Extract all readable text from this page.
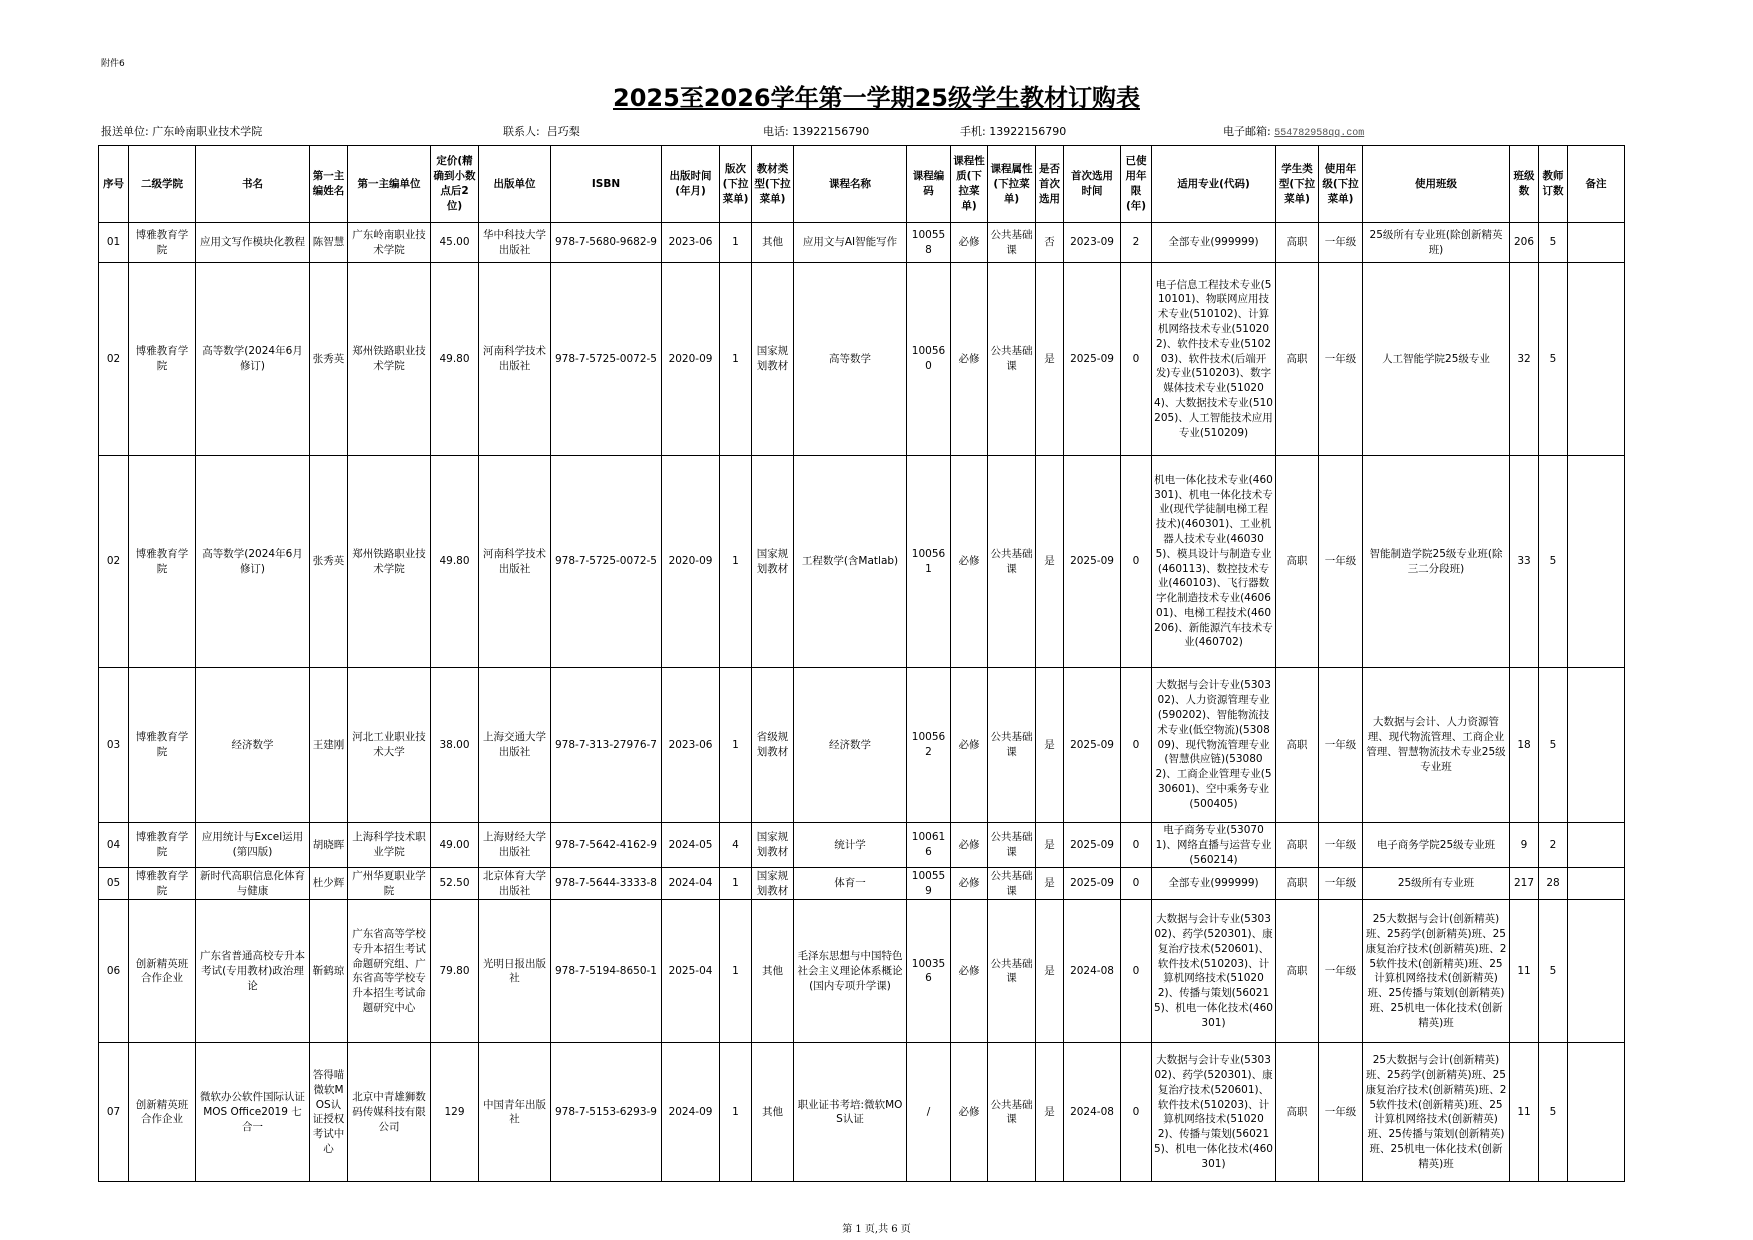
附件6
2025至2026学年第一学期25级学生教材订购表
报送单位: 广东岭南职业技术学院	联系人: 吕巧梨	电话: 13922156790	手机: 13922156790	电子邮箱: 554782958qq.com
序号	二级学院	书名	第一主编姓名	第一主编单位	定价(精确到小数点后2位)	出版单位	ISBN	出版时间(年月)	版次(下拉菜单)	教材类型(下拉菜单)	课程名称	课程编码	课程性质(下拉菜单)	课程属性(下拉菜单)	是否首次选用	首次选用时间	已使用年限(年)	适用专业(代码)	学生类型(下拉菜单)	使用年级(下拉菜单)	使用班级	班级数	教师订数	备注
01	博雅教育学院	应用文写作模块化教程	陈智慧	广东岭南职业技术学院	45.00	华中科技大学出版社	978-7-5680-9682-9	2023-06	1	其他	应用文与AI智能写作	100558	必修	公共基础课	否	2023-09	2	全部专业(999999)	高职	一年级	25级所有专业班(除创新精英班)	206	5	
02	博雅教育学院	高等数学(2024年6月修订)	张秀英	郑州铁路职业技术学院	49.80	河南科学技术出版社	978-7-5725-0072-5	2020-09	1	国家规划教材	高等数学	100560	必修	公共基础课	是	2025-09	0	电子信息工程技术专业(510101)、物联网应用技术专业(510102)、计算机网络技术专业(510202)、软件技术专业(510203)、软件技术(后端开发)专业(510203)、数字媒体技术专业(510204)、大数据技术专业(510205)、人工智能技术应用专业(510209)	高职	一年级	人工智能学院25级专业	32	5	
02	博雅教育学院	高等数学(2024年6月修订)	张秀英	郑州铁路职业技术学院	49.80	河南科学技术出版社	978-7-5725-0072-5	2020-09	1	国家规划教材	工程数学(含Matlab)	100561	必修	公共基础课	是	2025-09	0	机电一体化技术专业(460301)、机电一体化技术专业(现代学徒制电梯工程技术)(460301)、工业机器人技术专业(460305)、模具设计与制造专业(460113)、数控技术专业(460103)、飞行器数字化制造技术专业(460601)、电梯工程技术(460206)、新能源汽车技术专业(460702)	高职	一年级	智能制造学院25级专业班(除三二分段班)	33	5	
03	博雅教育学院	经济数学	王建刚	河北工业职业技术大学	38.00	上海交通大学出版社	978-7-313-27976-7	2023-06	1	省级规划教材	经济数学	100562	必修	公共基础课	是	2025-09	0	大数据与会计专业(530302)、人力资源管理专业(590202)、智能物流技术专业(低空物流)(530809)、现代物流管理专业(智慧供应链)(530802)、工商企业管理专业(530601)、空中乘务专业(500405)	高职	一年级	大数据与会计、人力资源管理、现代物流管理、工商企业管理、智慧物流技术专业25级专业班	18	5	
04	博雅教育学院	应用统计与Excel运用(第四版)	胡晓晖	上海科学技术职业学院	49.00	上海财经大学出版社	978-7-5642-4162-9	2024-05	4	国家规划教材	统计学	100616	必修	公共基础课	是	2025-09	0	电子商务专业(530701)、网络直播与运营专业(560214)	高职	一年级	电子商务学院25级专业班	9	2	
05	博雅教育学院	新时代高职信息化体育与健康	杜少辉	广州华夏职业学院	52.50	北京体育大学出版社	978-7-5644-3333-8	2024-04	1	国家规划教材	体育一	100559	必修	公共基础课	是	2025-09	0	全部专业(999999)	高职	一年级	25级所有专业班	217	28	
06	创新精英班合作企业	广东省普通高校专升本考试(专用教材)政治理论	靳鹤琼	广东省高等学校专升本招生考试命题研究组、广东省高等学校专升本招生考试命题研究中心	79.80	光明日报出版社	978-7-5194-8650-1	2025-04	1	其他	毛泽东思想与中国特色社会主义理论体系概论(国内专项升学课)	100356	必修	公共基础课	是	2024-08	0	大数据与会计专业(530302)、药学(520301)、康复治疗技术(520601)、软件技术(510203)、计算机网络技术(510202)、传播与策划(560215)、机电一体化技术(460301)	高职	一年级	25大数据与会计(创新精英)班、25药学(创新精英)班、25康复治疗技术(创新精英)班、25软件技术(创新精英)班、25计算机网络技术(创新精英)班、25传播与策划(创新精英)班、25机电一体化技术(创新精英)班	11	5	
07	创新精英班合作企业	微软办公软件国际认证MOS Office2019 七合一	答得喵微软MOS认证授权考试中心	北京中青雄狮数码传媒科技有限公司	129	中国青年出版社	978-7-5153-6293-9	2024-09	1	其他	职业证书考培:微软MOS认证	/	必修	公共基础课	是	2024-08	0	大数据与会计专业(530302)、药学(520301)、康复治疗技术(520601)、软件技术(510203)、计算机网络技术(510202)、传播与策划(560215)、机电一体化技术(460301)	高职	一年级	25大数据与会计(创新精英)班、25药学(创新精英)班、25康复治疗技术(创新精英)班、25软件技术(创新精英)班、25计算机网络技术(创新精英)班、25传播与策划(创新精英)班、25机电一体化技术(创新精英)班	11	5	
第 1 页,共 6 页
